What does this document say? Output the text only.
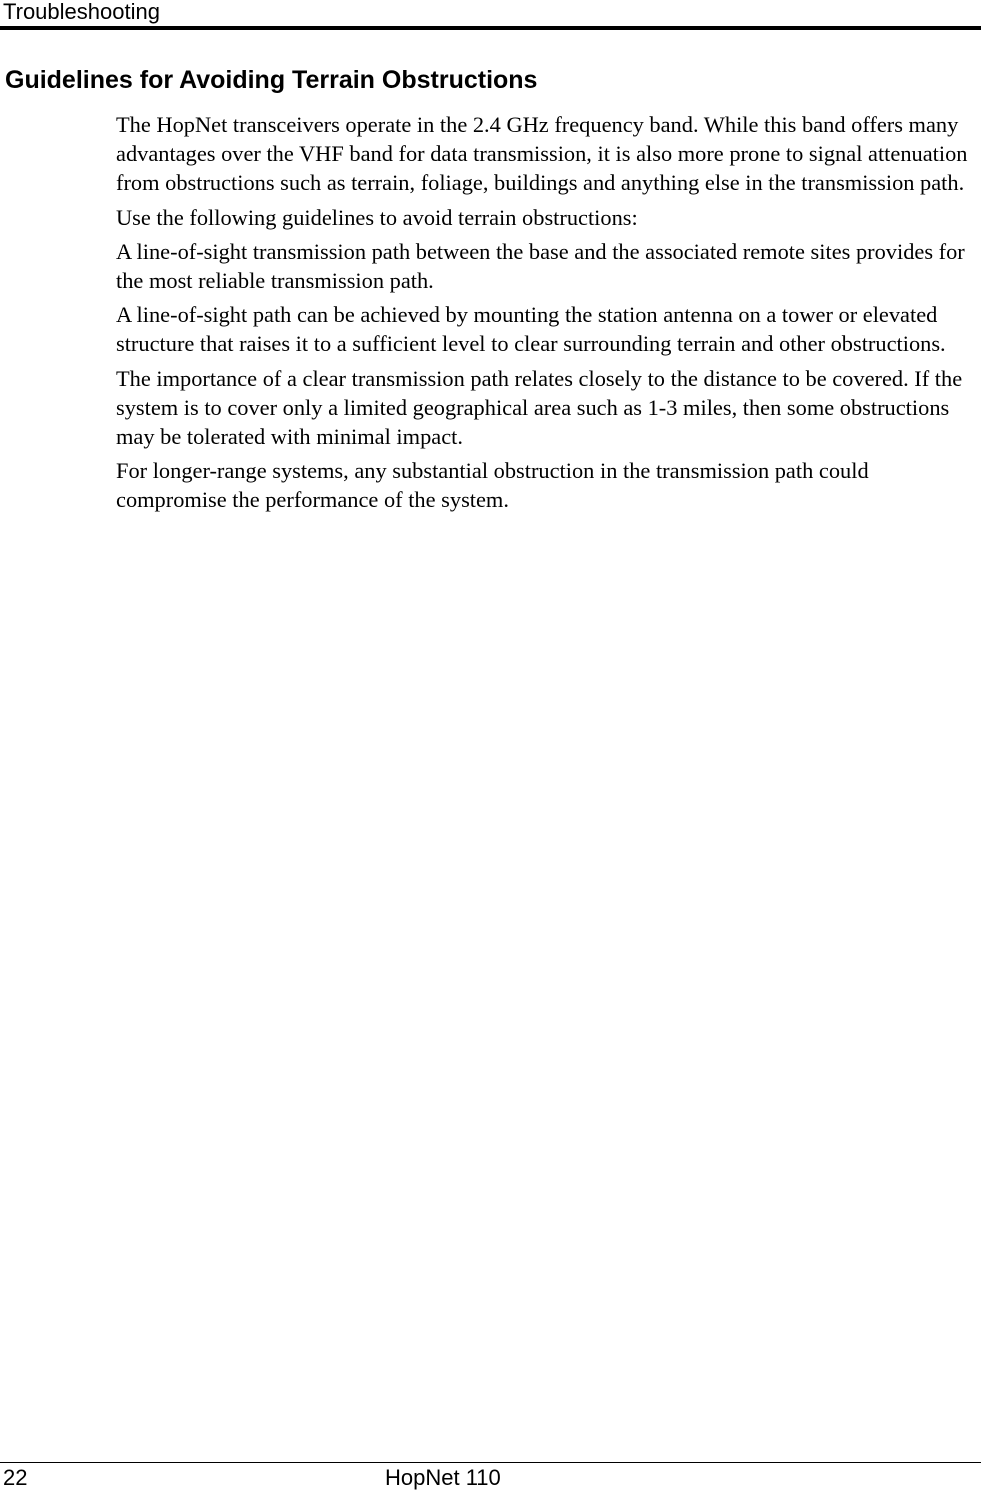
Troubleshooting
Guidelines for Avoiding Terrain Obstructions

The HopNet transceivers operate in the 2.4 GHz frequency band. While this band offers many advantages over the VHF band for data transmission, it is also more prone to signal attenuation from obstructions such as terrain, foliage, buildings and anything else in the transmission path.

Use the following guidelines to avoid terrain obstructions:

A line-of-sight transmission path between the base and the associated remote sites provides for the most reliable transmission path.

A line-of-sight path can be achieved by mounting the station antenna on a tower or elevated structure that raises it to a sufficient level to clear surrounding terrain and other obstructions.

The importance of a clear transmission path relates closely to the distance to be covered. If the system is to cover only a limited geographical area such as 1-3 miles, then some obstructions may be tolerated with minimal impact.

For longer-range systems, any substantial obstruction in the transmission path could compromise the performance of the system.

22	HopNet 110
